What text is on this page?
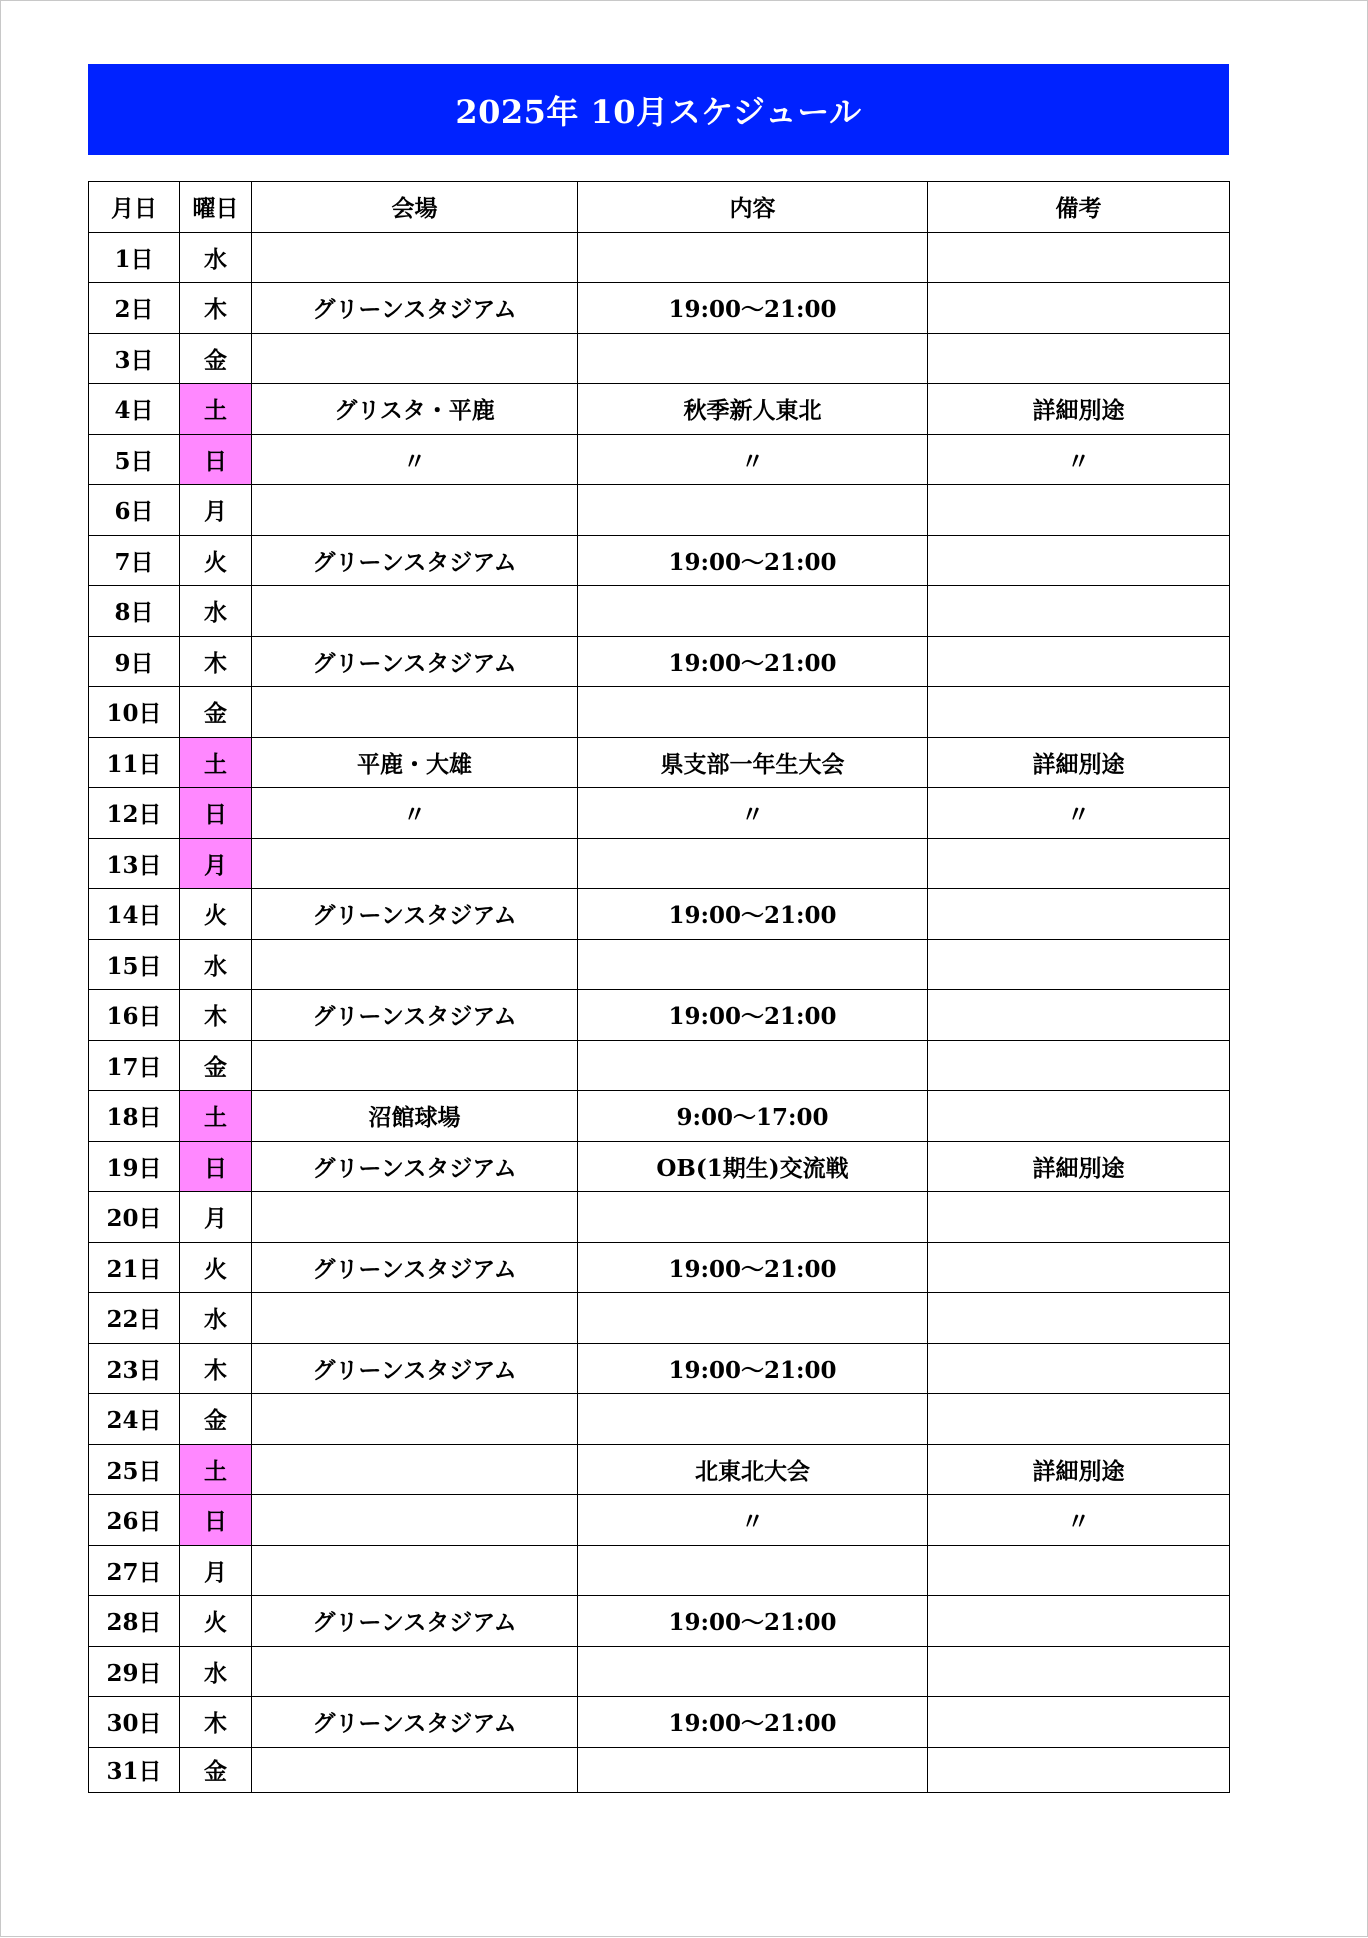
2025年 10月スケジュール
月日	曜日	会場	内容	備考
1日	水			
2日	木	グリーンスタジアム	19:00～21:00	
3日	金			
4日	土	グリスタ・平鹿	秋季新人東北	詳細別途
5日	日	〃	〃	〃
6日	月			
7日	火	グリーンスタジアム	19:00～21:00	
8日	水			
9日	木	グリーンスタジアム	19:00～21:00	
10日	金			
11日	土	平鹿・大雄	県支部一年生大会	詳細別途
12日	日	〃	〃	〃
13日	月			
14日	火	グリーンスタジアム	19:00～21:00	
15日	水			
16日	木	グリーンスタジアム	19:00～21:00	
17日	金			
18日	土	沼館球場	9:00～17:00	
19日	日	グリーンスタジアム	OB(1期生)交流戦	詳細別途
20日	月			
21日	火	グリーンスタジアム	19:00～21:00	
22日	水			
23日	木	グリーンスタジアム	19:00～21:00	
24日	金			
25日	土		北東北大会	詳細別途
26日	日		〃	〃
27日	月			
28日	火	グリーンスタジアム	19:00～21:00	
29日	水			
30日	木	グリーンスタジアム	19:00～21:00	
31日	金			
